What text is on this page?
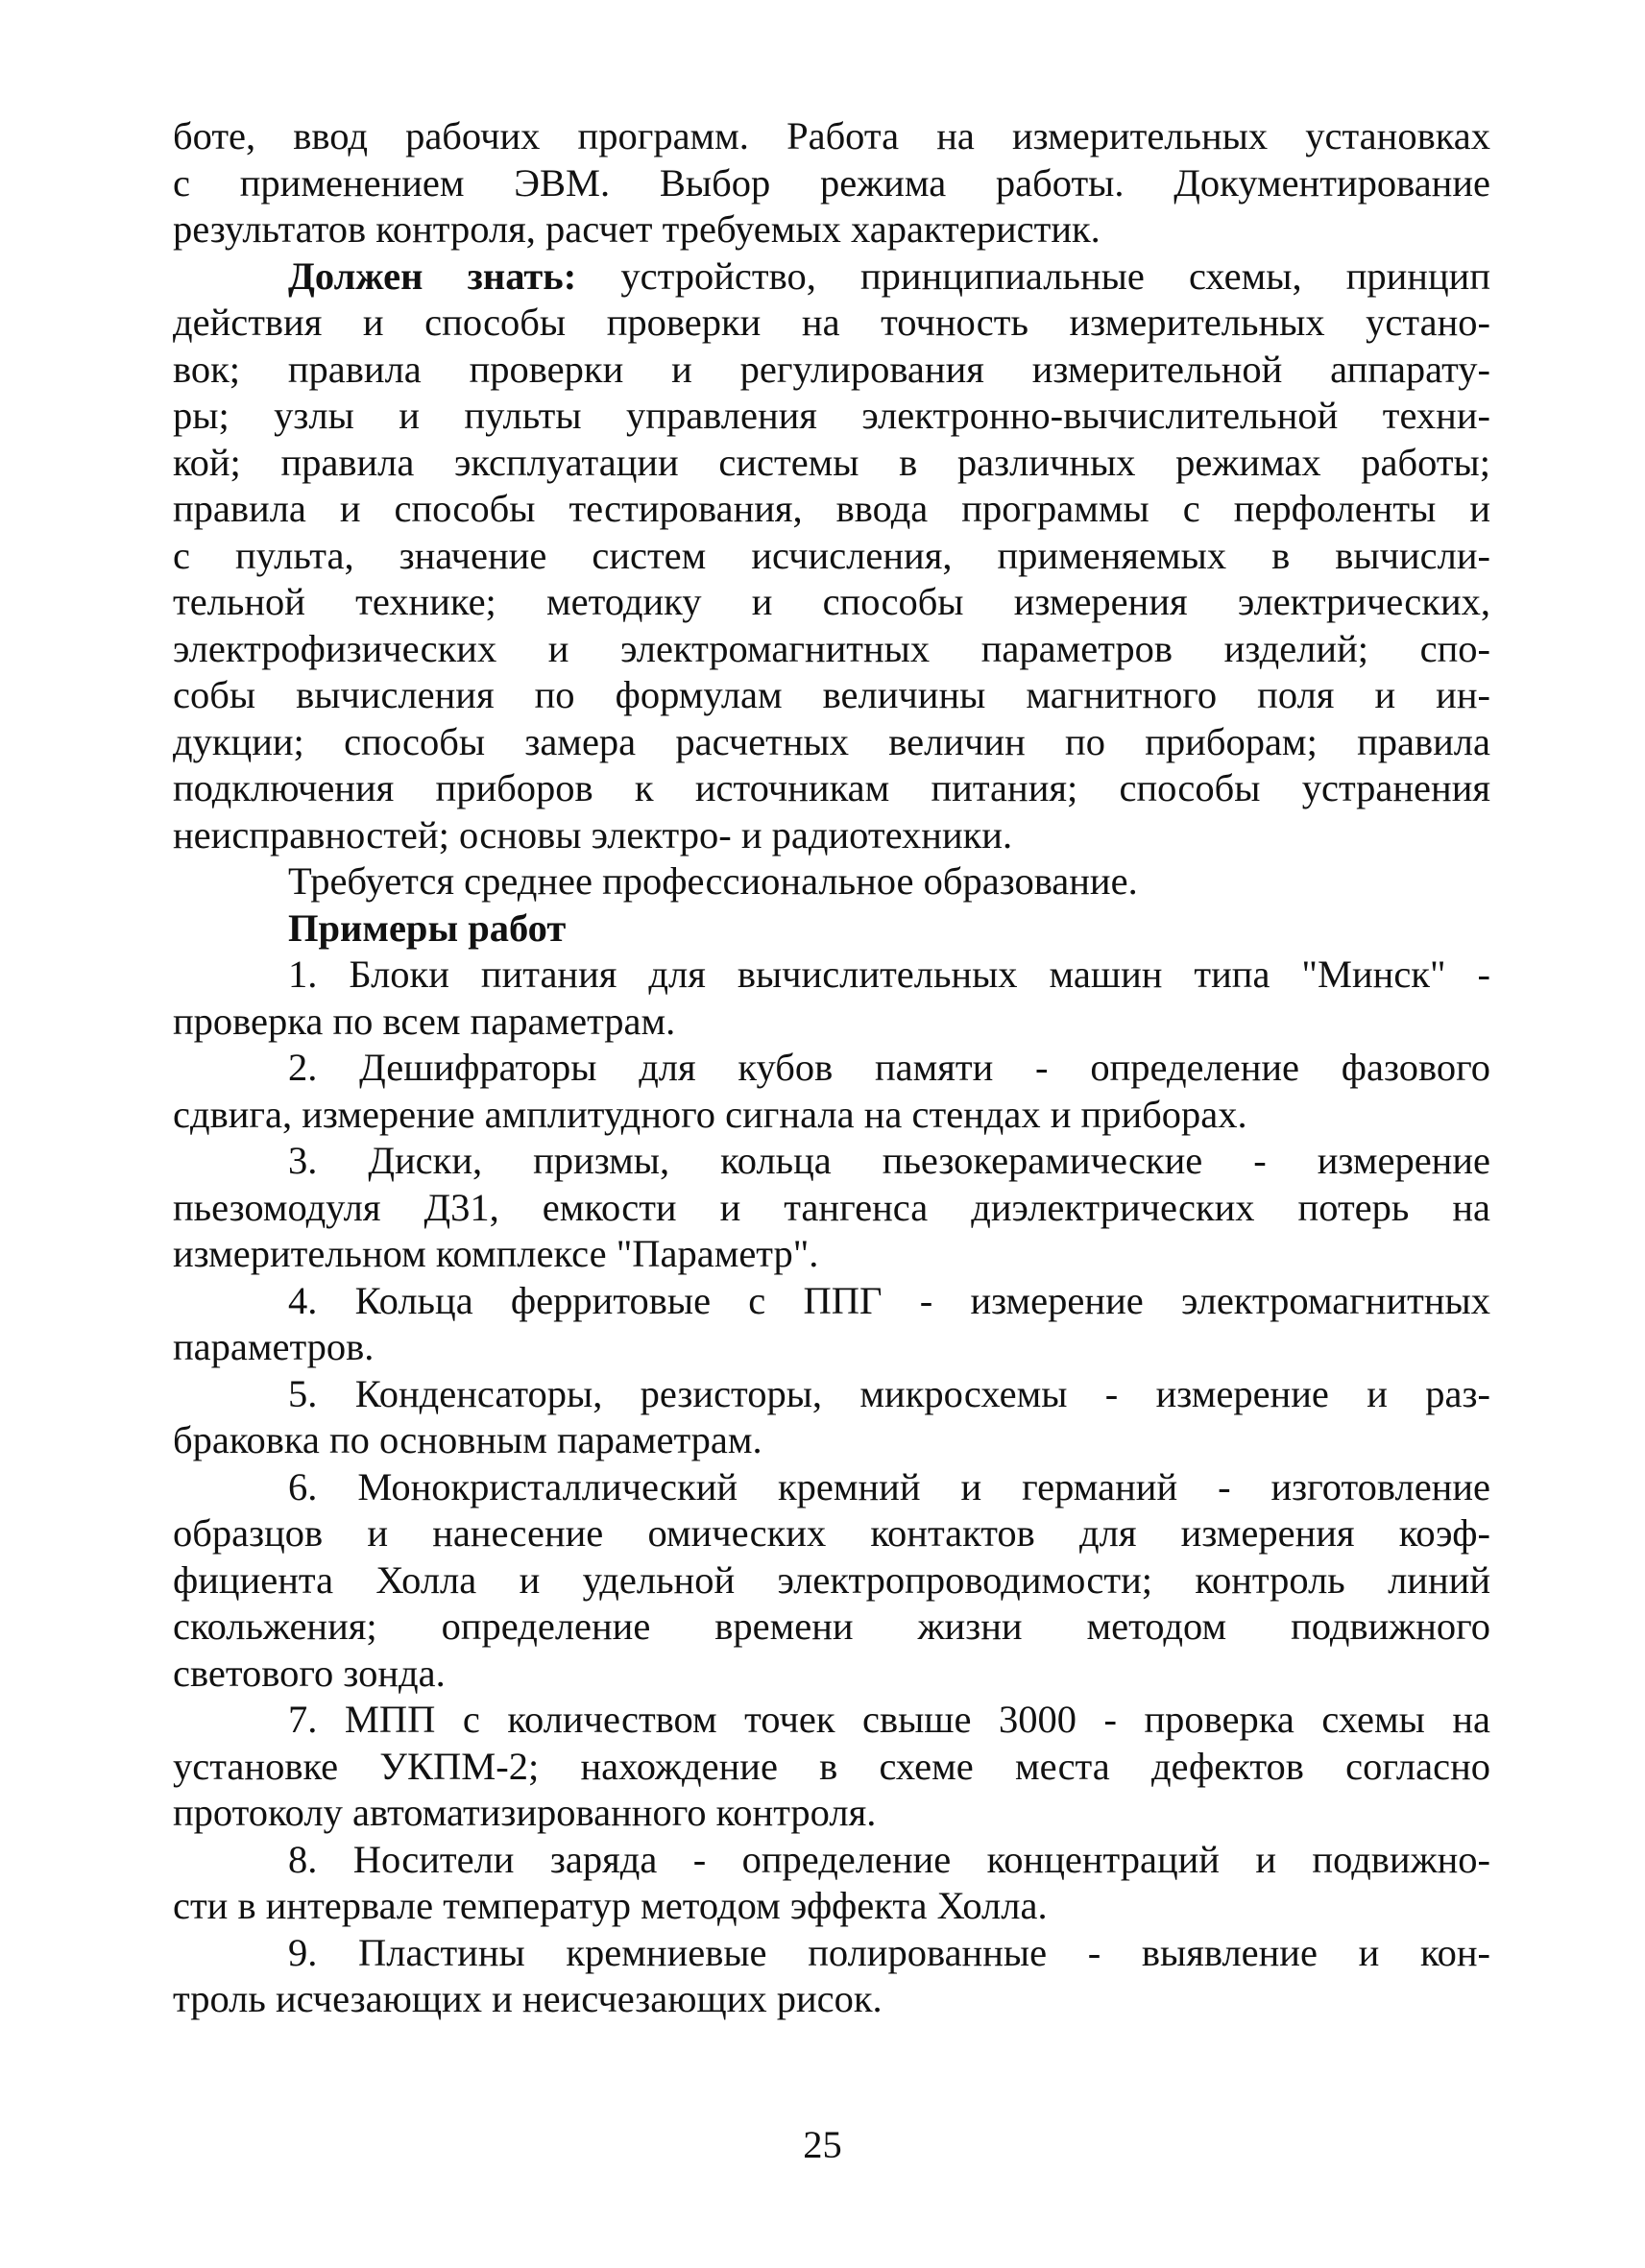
боте, ввод рабочих программ. Работа на измерительных установках
с применением ЭВМ. Выбор режима работы. Документирование
результатов контроля, расчет требуемых характеристик.
Должен знать: устройство, принципиальные схемы, принцип
действия и способы проверки на точность измерительных устано-
вок; правила проверки и регулирования измерительной аппарату-
ры; узлы и пульты управления электронно-вычислительной техни-
кой; правила эксплуатации системы в различных режимах работы;
правила и способы тестирования, ввода программы с перфоленты и
с пульта, значение систем исчисления, применяемых в вычисли-
тельной технике; методику и способы измерения электрических,
электрофизических и электромагнитных параметров изделий; спо-
собы вычисления по формулам величины магнитного поля и ин-
дукции; способы замера расчетных величин по приборам; правила
подключения приборов к источникам питания; способы устранения
неисправностей; основы электро- и радиотехники.
Требуется среднее профессиональное образование.
Примеры работ
1. Блоки питания для вычислительных машин типа "Минск" -
проверка по всем параметрам.
2. Дешифраторы для кубов памяти - определение фазового
сдвига, измерение амплитудного сигнала на стендах и приборах.
3. Диски, призмы, кольца пьезокерамические - измерение
пьезомодуля Д31, емкости и тангенса диэлектрических потерь на
измерительном комплексе "Параметр".
4. Кольца ферритовые с ППГ - измерение электромагнитных
параметров.
5. Конденсаторы, резисторы, микросхемы - измерение и раз-
браковка по основным параметрам.
6. Монокристаллический кремний и германий - изготовление
образцов и нанесение омических контактов для измерения коэф-
фициента Холла и удельной электропроводимости; контроль линий
скольжения; определение времени жизни методом подвижного
светового зонда.
7. МПП с количеством точек свыше 3000 - проверка схемы на
установке УКПМ-2; нахождение в схеме места дефектов согласно
протоколу автоматизированного контроля.
8. Носители заряда - определение концентраций и подвижно-
сти в интервале температур методом эффекта Холла.
9. Пластины кремниевые полированные - выявление и кон-
троль исчезающих и неисчезающих рисок.
25
